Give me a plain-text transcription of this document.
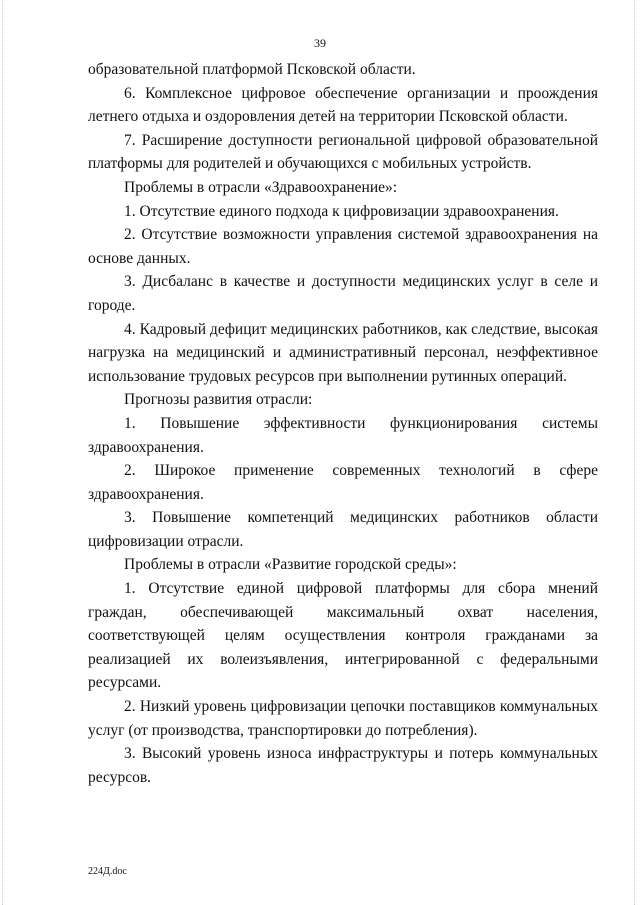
39

образовательной платформой Псковской области.

6. Комплексное цифровое обеспечение организации и проождения летнего отдыха и оздоровления детей на территории Псковской области.

7. Расширение доступности региональной цифровой образовательной платформы для родителей и обучающихся с мобильных устройств.

Проблемы в отрасли «Здравоохранение»:

1. Отсутствие единого подхода к цифровизации здравоохранения.

2. Отсутствие возможности управления системой здравоохранения на основе данных.

3. Дисбаланс в качестве и доступности медицинских услуг в селе и городе.

4. Кадровый дефицит медицинских работников, как следствие, высокая нагрузка на медицинский и административный персонал, неэффективное использование трудовых ресурсов при выполнении рутинных операций.

Прогнозы развития отрасли:

1. Повышение эффективности функционирования системы здравоохранения.

2. Широкое применение современных технологий в сфере здравоохранения.

3. Повышение компетенций медицинских работников области цифровизации отрасли.

Проблемы в отрасли «Развитие городской среды»:

1. Отсутствие единой цифровой платформы для сбора мнений граждан, обеспечивающей максимальный охват населения, соответствующей целям осуществления контроля гражданами за реализацией их волеизъявления, интегрированной с федеральными ресурсами.

2. Низкий уровень цифровизации цепочки поставщиков коммунальных услуг (от производства, транспортировки до потребления).

3. Высокий уровень износа инфраструктуры и потерь коммунальных ресурсов.

224Д.doc
